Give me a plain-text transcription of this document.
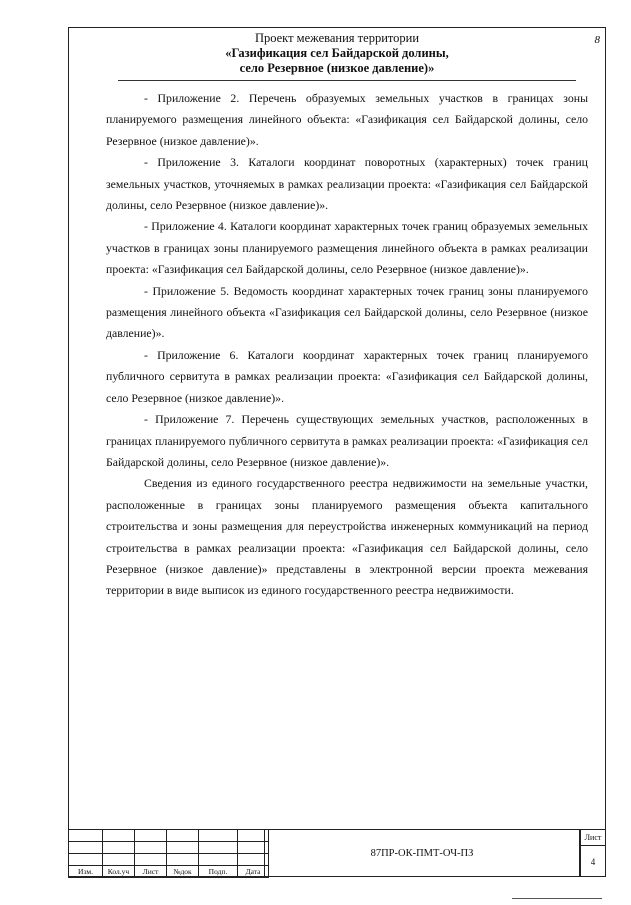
Проект межевания территории
«Газификация сел Байдарской долины,
село Резервное (низкое давление)»
8

- Приложение 2. Перечень образуемых земельных участков в границах зоны планируемого размещения линейного объекта: «Газификация сел Байдарской долины, село Резервное (низкое давление)».

- Приложение 3. Каталоги координат поворотных (характерных) точек границ земельных участков, уточняемых в рамках реализации проекта: «Газификация сел Байдарской долины, село Резервное (низкое давление)».

- Приложение 4. Каталоги координат характерных точек границ образуемых земельных участков в границах зоны планируемого размещения линейного объекта в рамках реализации проекта: «Газификация сел Байдарской долины, село Резервное (низкое давление)».

- Приложение 5. Ведомость координат характерных точек границ зоны планируемого размещения линейного объекта «Газификация сел Байдарской долины, село Резервное (низкое давление)».

- Приложение 6. Каталоги координат характерных точек границ планируемого публичного сервитута в рамках реализации проекта: «Газификация сел Байдарской долины, село Резервное (низкое давление)».

- Приложение 7. Перечень существующих земельных участков, расположенных в границах планируемого публичного сервитута в рамках реализации проекта: «Газификация сел Байдарской долины, село Резервное (низкое давление)».

Сведения из единого государственного реестра недвижимости на земельные участки, расположенные в границах зоны планируемого размещения объекта капитального строительства и зоны размещения для переустройства инженерных коммуникаций на период строительства в рамках реализации проекта: «Газификация сел Байдарской долины, село Резервное (низкое давление)» представлены в электронной версии проекта межевания территории в виде выписок из единого государственного реестра недвижимости.

Изм.	Кол.уч	Лист	№док	Подп.	Дата
87ПР-ОК-ПМТ-ОЧ-ПЗ
Лист
4
